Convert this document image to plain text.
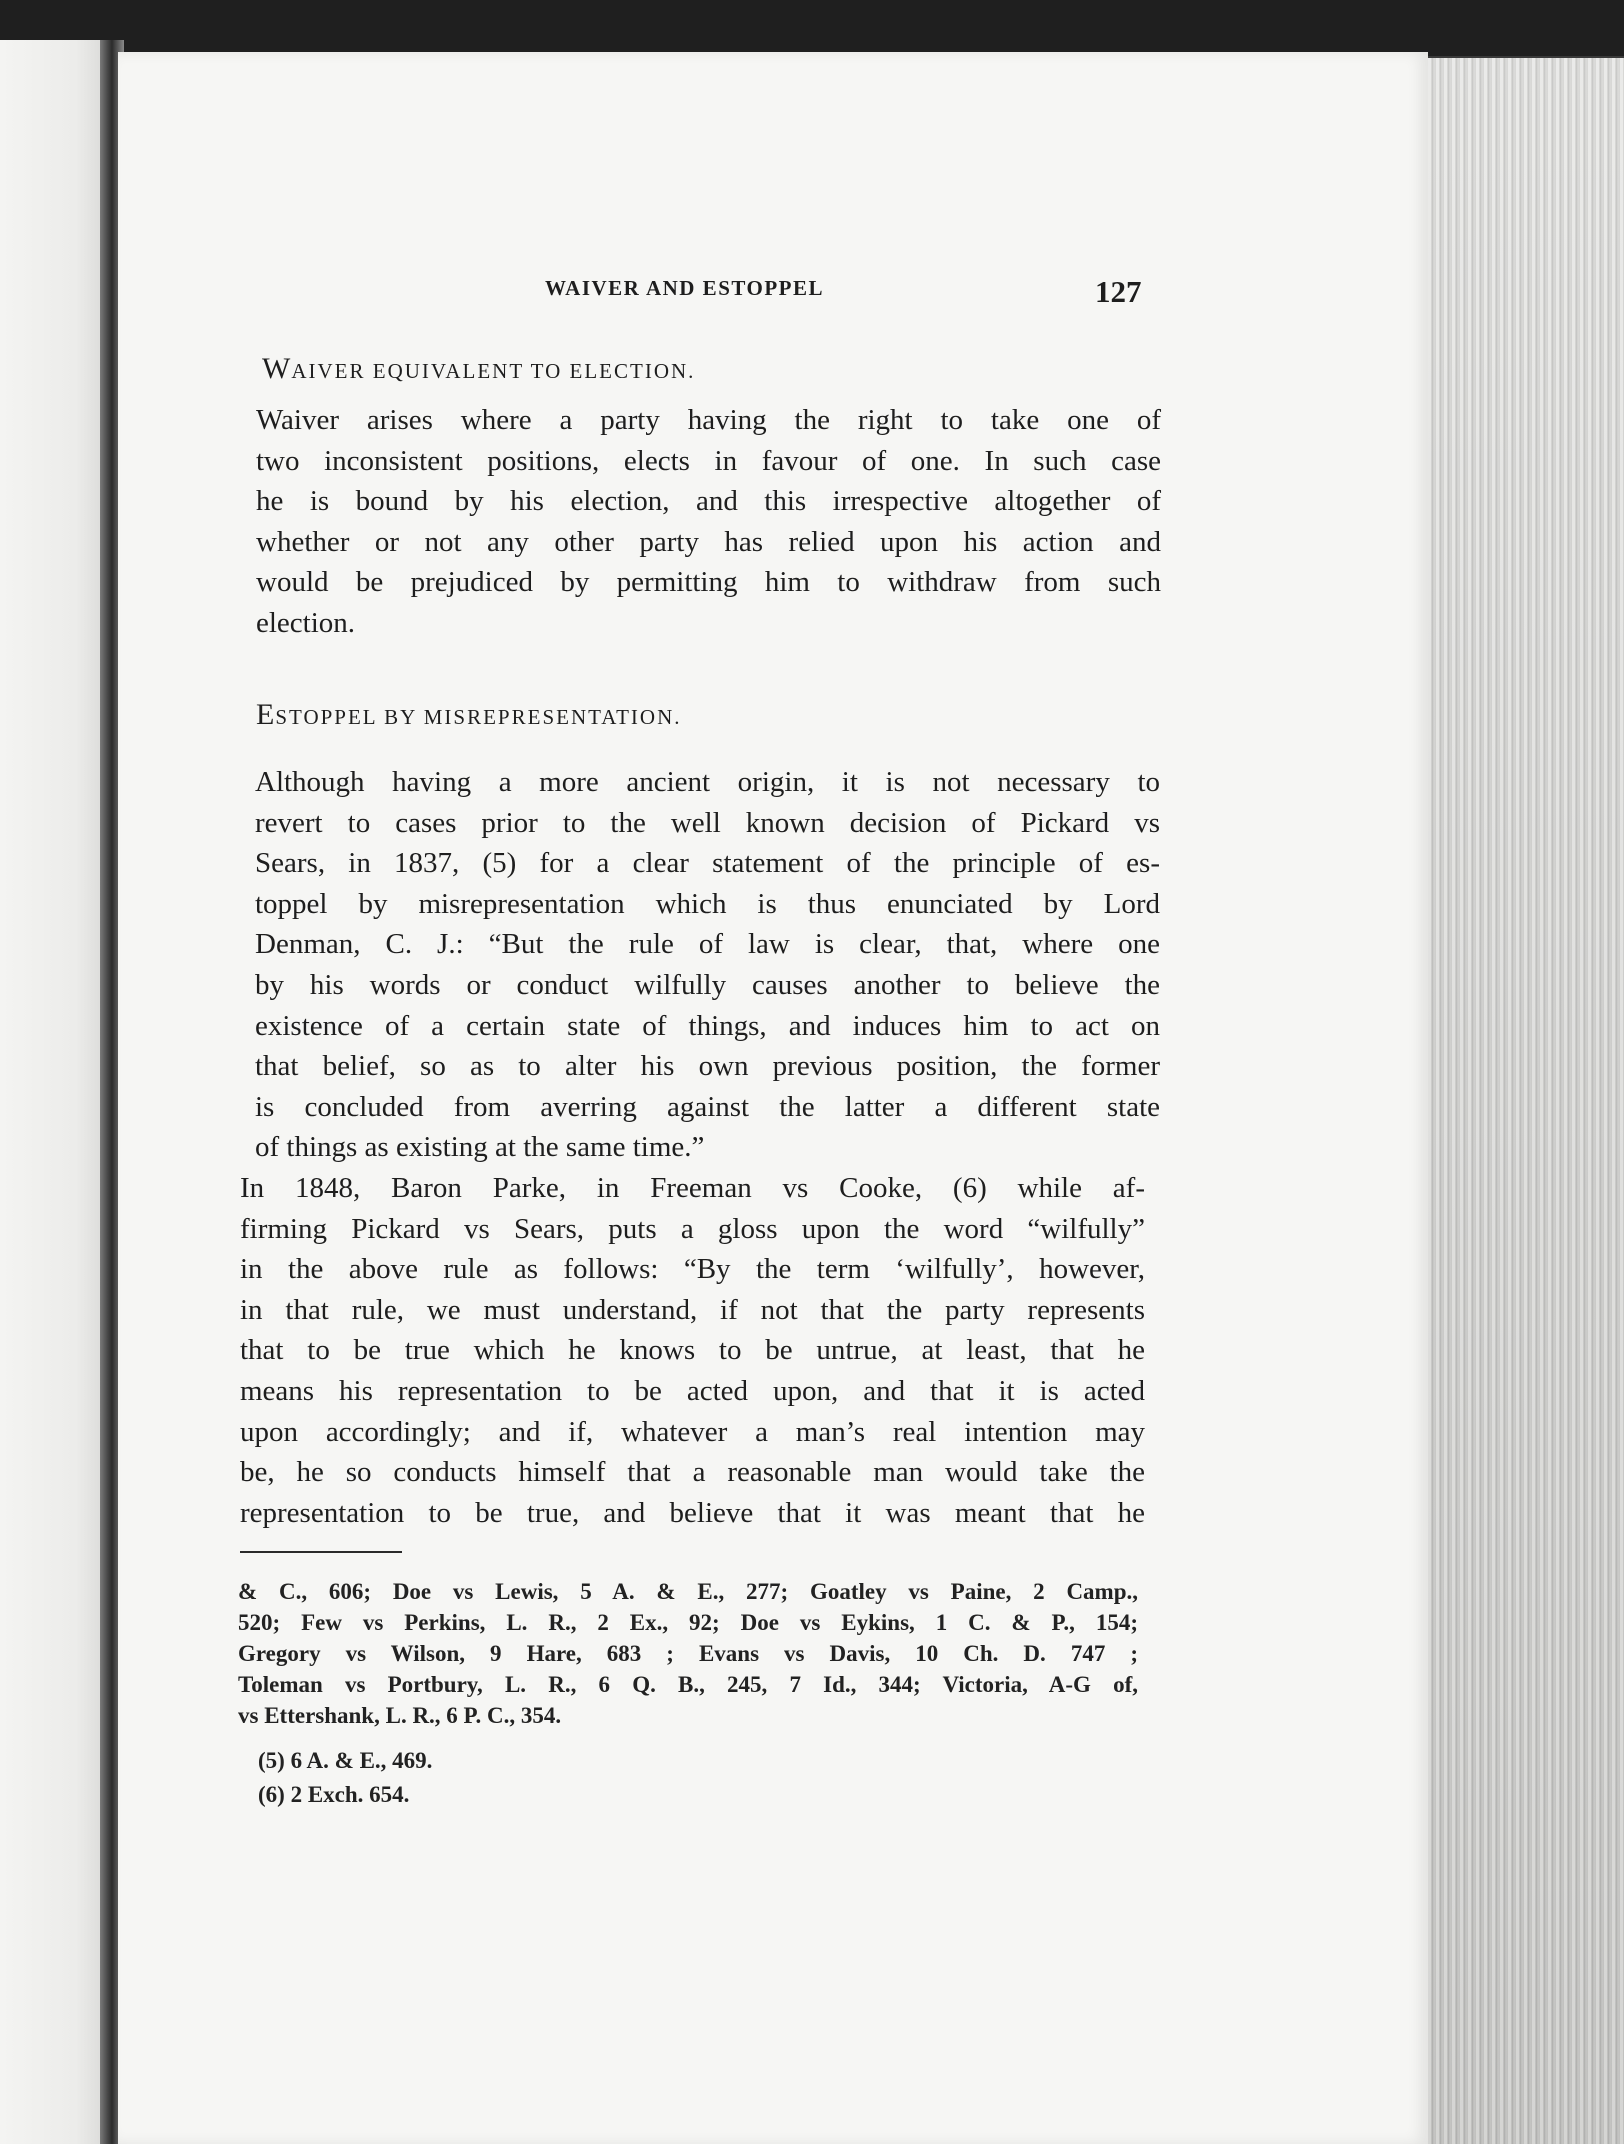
WAIVER AND ESTOPPEL	127
WAIVER EQUIVALENT TO ELECTION.
Waiver arises where a party having the right to take one of
two inconsistent positions, elects in favour of one. In such case
he is bound by his election, and this irrespective altogether of
whether or not any other party has relied upon his action and
would be prejudiced by permitting him to withdraw from such
election.
ESTOPPEL BY MISREPRESENTATION.
Although having a more ancient origin, it is not necessary to
revert to cases prior to the well known decision of Pickard vs
Sears, in 1837, (5) for a clear statement of the principle of es-
toppel by misrepresentation which is thus enunciated by Lord
Denman, C. J.: “But the rule of law is clear, that, where one
by his words or conduct wilfully causes another to believe the
existence of a certain state of things, and induces him to act on
that belief, so as to alter his own previous position, the former
is concluded from averring against the latter a different state
of things as existing at the same time.”
In 1848, Baron Parke, in Freeman vs Cooke, (6) while af-
firming Pickard vs Sears, puts a gloss upon the word “wilfully”
in the above rule as follows: “By the term ‘wilfully’, however,
in that rule, we must understand, if not that the party represents
that to be true which he knows to be untrue, at least, that he
means his representation to be acted upon, and that it is acted
upon accordingly; and if, whatever a man’s real intention may
be, he so conducts himself that a reasonable man would take the
representation to be true, and believe that it was meant that he
& C., 606; Doe vs Lewis, 5 A. & E., 277; Goatley vs Paine, 2 Camp.,
520; Few vs Perkins, L. R., 2 Ex., 92; Doe vs Eykins, 1 C. & P., 154;
Gregory vs Wilson, 9 Hare, 683 ; Evans vs Davis, 10 Ch. D. 747 ;
Toleman vs Portbury, L. R., 6 Q. B., 245, 7 Id., 344; Victoria, A-G of,
vs Ettershank, L. R., 6 P. C., 354.
(5) 6 A. & E., 469.
(6) 2 Exch. 654.
